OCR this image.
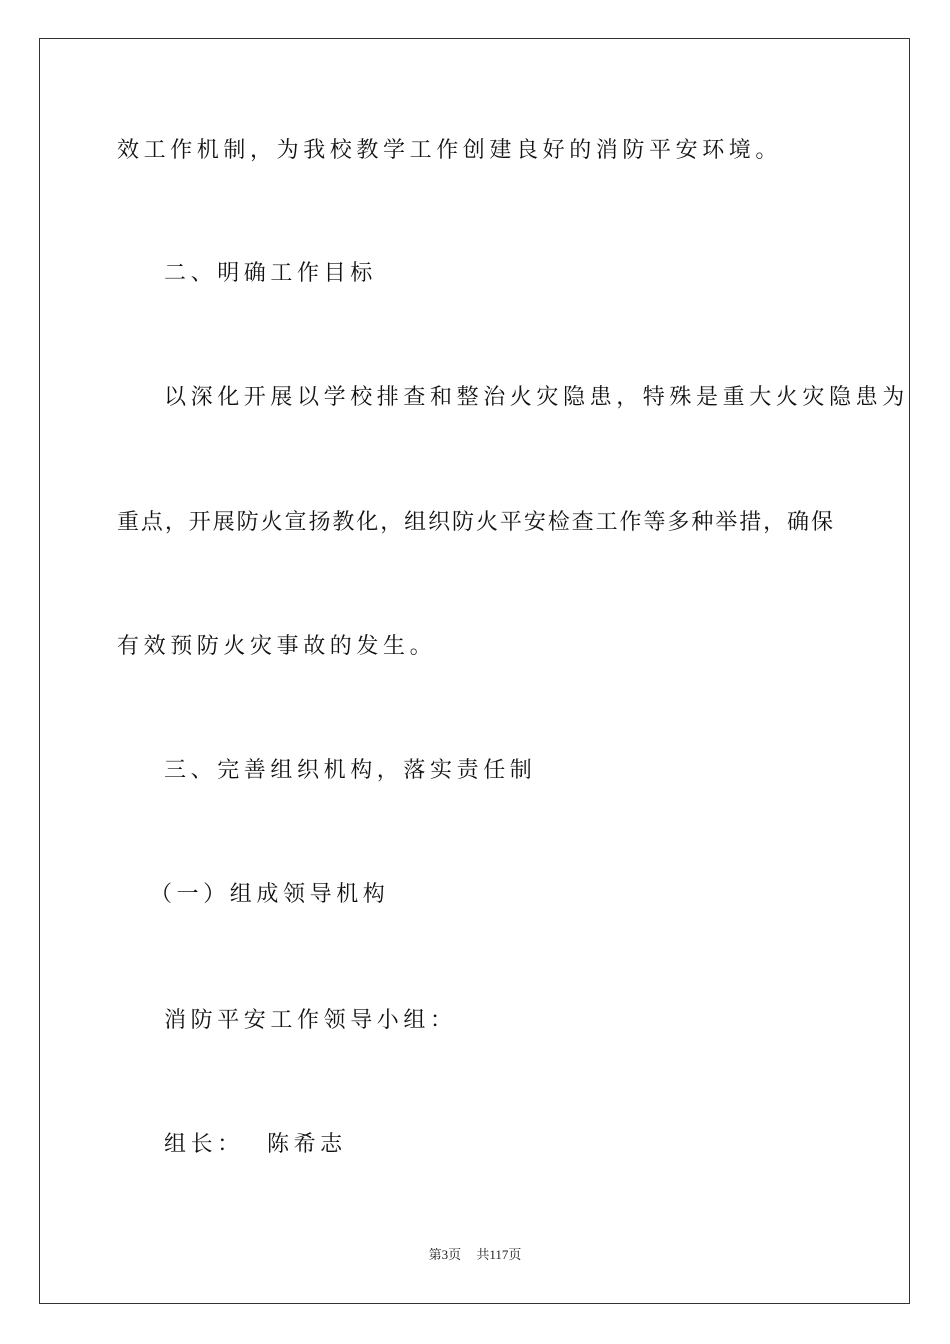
效工作机制，为我校教学工作创建良好的消防平安环境。
二、明确工作目标
以深化开展以学校排查和整治火灾隐患，特殊是重大火灾隐患为
重点，开展防火宣扬教化，组织防火平安检查工作等多种举措，确保
有效预防火灾事故的发生。
三、完善组织机构，落实责任制
（一）组成领导机构
消防平安工作领导小组：
组长：  陈希志
第3页 共117页
